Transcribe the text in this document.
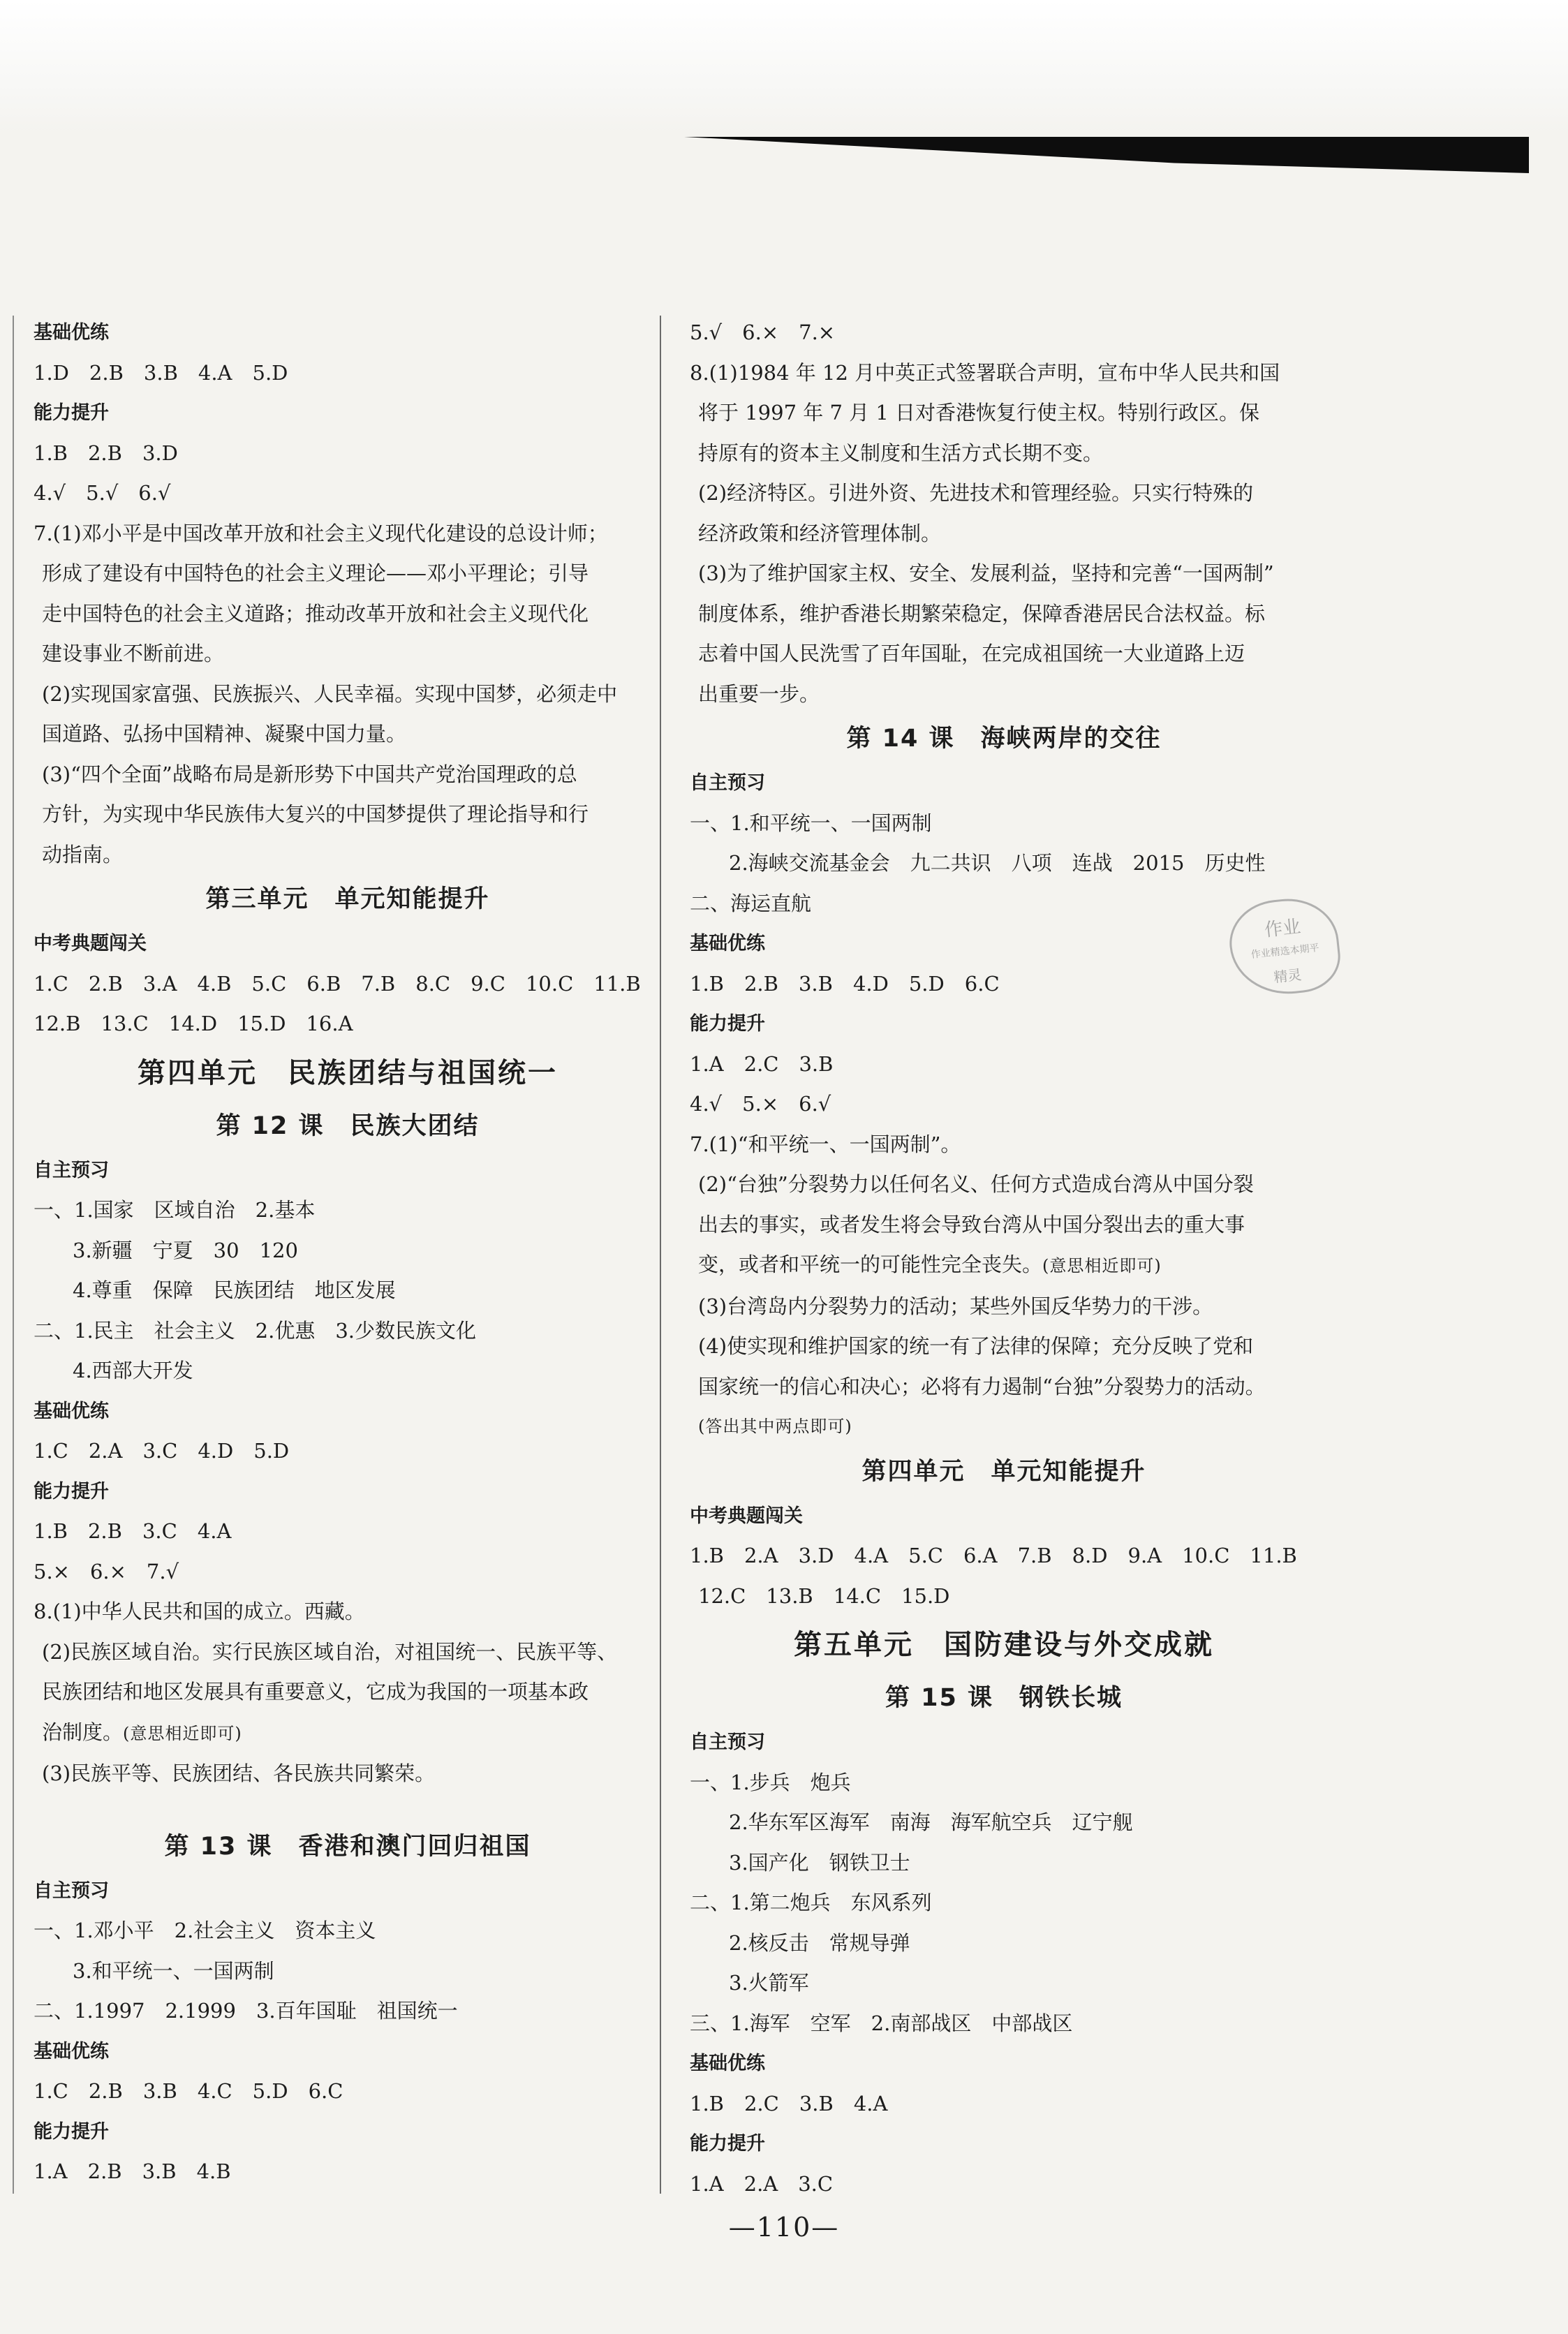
基础优练
1.D　2.B　3.B　4.A　5.D
能力提升
1.B　2.B　3.D
4.√　5.√　6.√
7.(1)邓小平是中国改革开放和社会主义现代化建设的总设计师；
形成了建设有中国特色的社会主义理论——邓小平理论；引导
走中国特色的社会主义道路；推动改革开放和社会主义现代化
建设事业不断前进。
(2)实现国家富强、民族振兴、人民幸福。实现中国梦，必须走中
国道路、弘扬中国精神、凝聚中国力量。
(3)“四个全面”战略布局是新形势下中国共产党治国理政的总
方针，为实现中华民族伟大复兴的中国梦提供了理论指导和行
动指南。
第三单元　单元知能提升
中考典题闯关
1.C　2.B　3.A　4.B　5.C　6.B　7.B　8.C　9.C　10.C　11.B
12.B　13.C　14.D　15.D　16.A
第四单元　民族团结与祖国统一
第 12 课　民族大团结
自主预习
一、1.国家　区域自治　2.基本
3.新疆　宁夏　30　120
4.尊重　保障　民族团结　地区发展
二、1.民主　社会主义　2.优惠　3.少数民族文化
4.西部大开发
基础优练
1.C　2.A　3.C　4.D　5.D
能力提升
1.B　2.B　3.C　4.A
5.×　6.×　7.√
8.(1)中华人民共和国的成立。西藏。
(2)民族区域自治。实行民族区域自治，对祖国统一、民族平等、
民族团结和地区发展具有重要意义，它成为我国的一项基本政
治制度。(意思相近即可)
(3)民族平等、民族团结、各民族共同繁荣。
第 13 课　香港和澳门回归祖国
自主预习
一、1.邓小平　2.社会主义　资本主义
3.和平统一、一国两制
二、1.1997　2.1999　3.百年国耻　祖国统一
基础优练
1.C　2.B　3.B　4.C　5.D　6.C
能力提升
1.A　2.B　3.B　4.B
5.√　6.×　7.×
8.(1)1984 年 12 月中英正式签署联合声明，宣布中华人民共和国
将于 1997 年 7 月 1 日对香港恢复行使主权。特别行政区。保
持原有的资本主义制度和生活方式长期不变。
(2)经济特区。引进外资、先进技术和管理经验。只实行特殊的
经济政策和经济管理体制。
(3)为了维护国家主权、安全、发展利益，坚持和完善“一国两制”
制度体系，维护香港长期繁荣稳定，保障香港居民合法权益。标
志着中国人民洗雪了百年国耻，在完成祖国统一大业道路上迈
出重要一步。
第 14 课　海峡两岸的交往
自主预习
一、1.和平统一、一国两制
2.海峡交流基金会　九二共识　八项　连战　2015　历史性
二、海运直航
基础优练
1.B　2.B　3.B　4.D　5.D　6.C
能力提升
1.A　2.C　3.B
4.√　5.×　6.√
7.(1)“和平统一、一国两制”。
(2)“台独”分裂势力以任何名义、任何方式造成台湾从中国分裂
出去的事实，或者发生将会导致台湾从中国分裂出去的重大事
变，或者和平统一的可能性完全丧失。(意思相近即可)
(3)台湾岛内分裂势力的活动；某些外国反华势力的干涉。
(4)使实现和维护国家的统一有了法律的保障；充分反映了党和
国家统一的信心和决心；必将有力遏制“台独”分裂势力的活动。
(答出其中两点即可)
第四单元　单元知能提升
中考典题闯关
1.B　2.A　3.D　4.A　5.C　6.A　7.B　8.D　9.A　10.C　11.B
12.C　13.B　14.C　15.D
第五单元　国防建设与外交成就
第 15 课　钢铁长城
自主预习
一、1.步兵　炮兵
2.华东军区海军　南海　海军航空兵　辽宁舰
3.国产化　钢铁卫士
二、1.第二炮兵　东风系列
2.核反击　常规导弹
3.火箭军
三、1.海军　空军　2.南部战区　中部战区
基础优练
1.B　2.C　3.B　4.A
能力提升
1.A　2.A　3.C
作业
作业精选本期平
精灵
—110—
